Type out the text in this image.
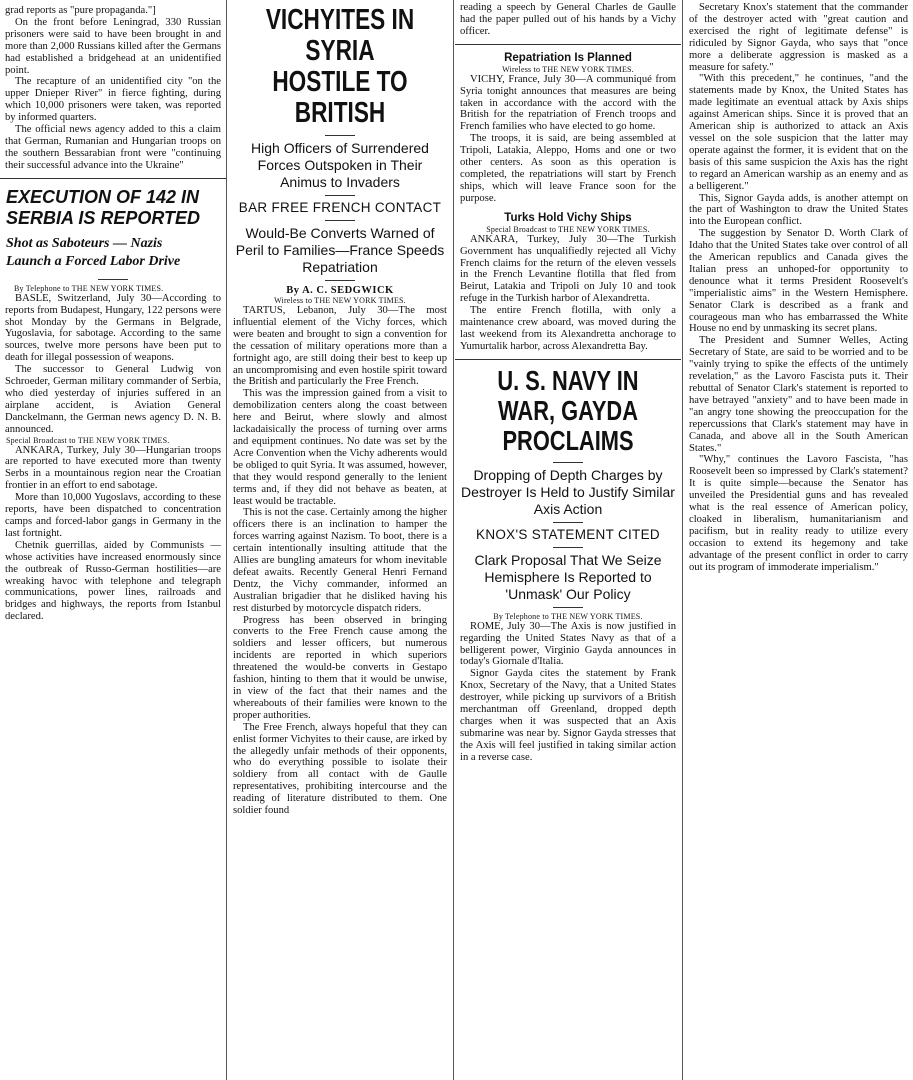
grad reports as "pure propaganda."]

On the front before Leningrad, 330 Russian prisoners were said to have been brought in and more than 2,000 Russians killed after the Germans had established a bridgehead at an unidentified point.

The recapture of an unidentified city "on the upper Dnieper River" in fierce fighting, during which 10,000 prisoners were taken, was reported by informed quarters.

The official news agency added to this a claim that German, Rumanian and Hungarian troops on the southern Bessarabian front were "continuing their successful advance into the Ukraine"

EXECUTION OF 142 IN SERBIA IS REPORTED
Shot as Saboteurs — Nazis
Launch a Forced Labor Drive
By Telephone to THE NEW YORK TIMES.

BASLE, Switzerland, July 30—According to reports from Budapest, Hungary, 122 persons were shot Monday by the Germans in Belgrade, Yugoslavia, for sabotage. According to the same sources, twelve more persons have been put to death for illegal possession of weapons.

The successor to General Ludwig von Schroeder, German military commander of Serbia, who died yesterday of injuries suffered in an airplane accident, is Aviation General Danckelmann, the German news agency D. N. B. announced.

Special Broadcast to THE NEW YORK TIMES.

ANKARA, Turkey, July 30—Hungarian troops are reported to have executed more than twenty Serbs in a mountainous region near the Croatian frontier in an effort to end sabotage.

More than 10,000 Yugoslavs, according to these reports, have been dispatched to concentration camps and forced-labor gangs in Germany in the last fortnight.

Chetnik guerrillas, aided by Communists — whose activities have increased enormously since the outbreak of Russo-German hostilities—are wreaking havoc with telephone and telegraph communications, power lines, railroads and bridges and highways, the reports from Istanbul declared.

VICHYITES IN SYRIA HOSTILE TO BRITISH
High Officers of Surrendered Forces Outspoken in Their Animus to Invaders
BAR FREE FRENCH CONTACT
Would-Be Converts Warned of Peril to Families—France Speeds Repatriation
By A. C. SEDGWICK
Wireless to THE NEW YORK TIMES.

TARTUS, Lebanon, July 30—The most influential element of the Vichy forces, which were beaten and brought to sign a convention for the cessation of military operations more than a fortnight ago, are still doing their best to keep up an uncompromising and even hostile spirit toward the British and particularly the Free French.

This was the impression gained from a visit to demobilization centers along the coast between here and Beirut, where slowly and almost lackadaisically the process of turning over arms and equipment continues. No date was set by the Acre Convention when the Vichy adherents would be obliged to quit Syria. It was assumed, however, that they would respond generally to the lenient terms and, if they did not behave as beaten, at least would be tractable.

This is not the case. Certainly among the higher officers there is an inclination to hamper the forces warring against Nazism. To boot, there is a certain intentionally insulting attitude that the Allies are bungling amateurs for whom inevitable defeat awaits. Recently General Henri Fernand Dentz, the Vichy commander, informed an Australian brigadier that he disliked having his rest disturbed by motorcycle dispatch riders.

Progress has been observed in bringing converts to the Free French cause among the soldiers and lesser officers, but numerous incidents are reported in which superiors threatened the would-be converts in Gestapo fashion, hinting to them that it would be unwise, in view of the fact that their names and the whereabouts of their families were known to the proper authorities.

The Free French, always hopeful that they can enlist former Vichyites to their cause, are irked by the allegedly unfair methods of their opponents, who do everything possible to isolate their soldiery from all contact with de Gaulle representatives, prohibiting intercourse and the reading of literature distributed to them. One soldier found

reading a speech by General Charles de Gaulle had the paper pulled out of his hands by a Vichy officer.

Repatriation Is Planned
Wireless to THE NEW YORK TIMES.

VICHY, France, July 30—A communiqué from Syria tonight announces that measures are being taken in accordance with the accord with the British for the repatriation of French troops and French families who have elected to go home.

The troops, it is said, are being assembled at Tripoli, Latakia, Aleppo, Homs and one or two other centers. As soon as this operation is completed, the repatriations will start by French ships, which will leave France soon for the purpose.

Turks Hold Vichy Ships
Special Broadcast to THE NEW YORK TIMES.

ANKARA, Turkey, July 30—The Turkish Government has unqualifiedly rejected all Vichy French claims for the return of the eleven vessels in the French Levantine flotilla that fled from Beirut, Latakia and Tripoli on July 10 and took refuge in the Turkish harbor of Alexandretta.

The entire French flotilla, with only a maintenance crew aboard, was moved during the last weekend from its Alexandretta anchorage to Yumurtalik harbor, across Alexandretta Bay.

U. S. NAVY IN WAR, GAYDA PROCLAIMS
Dropping of Depth Charges by Destroyer Is Held to Justify Similar Axis Action
KNOX'S STATEMENT CITED
Clark Proposal That We Seize Hemisphere Is Reported to 'Unmask' Our Policy
By Telephone to THE NEW YORK TIMES.

ROME, July 30—The Axis is now justified in regarding the United States Navy as that of a belligerent power, Virginio Gayda announces in today's Giornale d'Italia.

Signor Gayda cites the statement by Frank Knox, Secretary of the Navy, that a United States destroyer, while picking up survivors of a British merchantman off Greenland, dropped depth charges when it was suspected that an Axis submarine was near by. Signor Gayda stresses that the Axis will feel justified in taking similar action in a reverse case.

Secretary Knox's statement that the commander of the destroyer acted with "great caution and exercised the right of legitimate defense" is ridiculed by Signor Gayda, who says that "once more a deliberate aggression is masked as a measure for safety."

"With this precedent," he continues, "and the statements made by Knox, the United States has made legitimate an eventual attack by Axis ships against American ships. Since it is proved that an American ship is authorized to attack an Axis vessel on the sole suspicion that the latter may operate against the former, it is evident that on the basis of this same suspicion the Axis has the right to regard an American warship as an enemy and as a belligerent."

This, Signor Gayda adds, is another attempt on the part of Washington to draw the United States into the European conflict.

The suggestion by Senator D. Worth Clark of Idaho that the United States take over control of all the American republics and Canada gives the Italian press an unhoped-for opportunity to denounce what it terms President Roosevelt's "imperialistic aims" in the Western Hemisphere. Senator Clark is described as a frank and courageous man who has embarrassed the White House no end by unmasking its secret plans.

The President and Sumner Welles, Acting Secretary of State, are said to be worried and to be "vainly trying to spike the effects of the untimely revelation," as the Lavoro Fascista puts it. Their rebuttal of Senator Clark's statement is reported to have betrayed "anxiety" and to have been made in "an angry tone showing the preoccupation for the repercussions that Clark's statement may have in Canada, and above all in the South American States."

"Why," continues the Lavoro Fascista, "has Roosevelt been so impressed by Clark's statement? It is quite simple—because the Senator has unveiled the Presidential guns and has revealed what is the real essence of American policy, cloaked in liberalism, humanitarianism and pacifism, but in reality ready to utilize every occasion to extend its hegemony and take advantage of the present conflict in order to carry out its program of immoderate imperialism."
